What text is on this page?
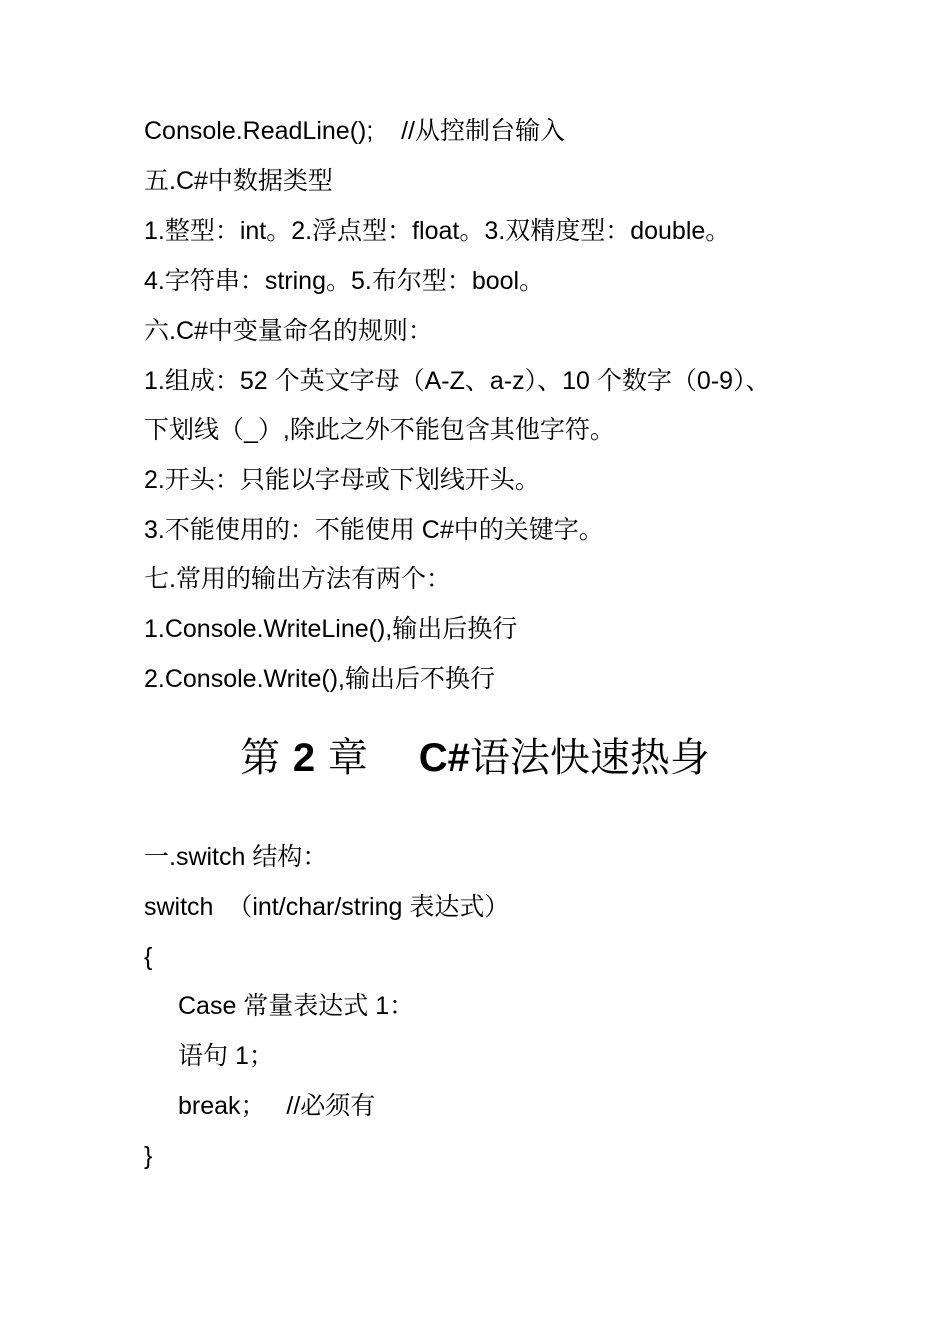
Console.ReadLine();    //从控制台输入
五.C#中数据类型
1.整型：int。2.浮点型：float。3.双精度型：double。
4.字符串：string。5.布尔型：bool。
六.C#中变量命名的规则：
1.组成：52 个英文字母（A-Z、a-z）、10 个数字（0-9）、
下划线（_）,除此之外不能包含其他字符。
2.开头：只能以字母或下划线开头。
3.不能使用的：不能使用 C#中的关键字。
七.常用的输出方法有两个：
1.Console.WriteLine(),输出后换行
2.Console.Write(),输出后不换行
第 2 章    C#语法快速热身
一.switch 结构：
switch  （int/char/string 表达式）
{
Case 常量表达式 1：
语句 1；
break；   //必须有
}
